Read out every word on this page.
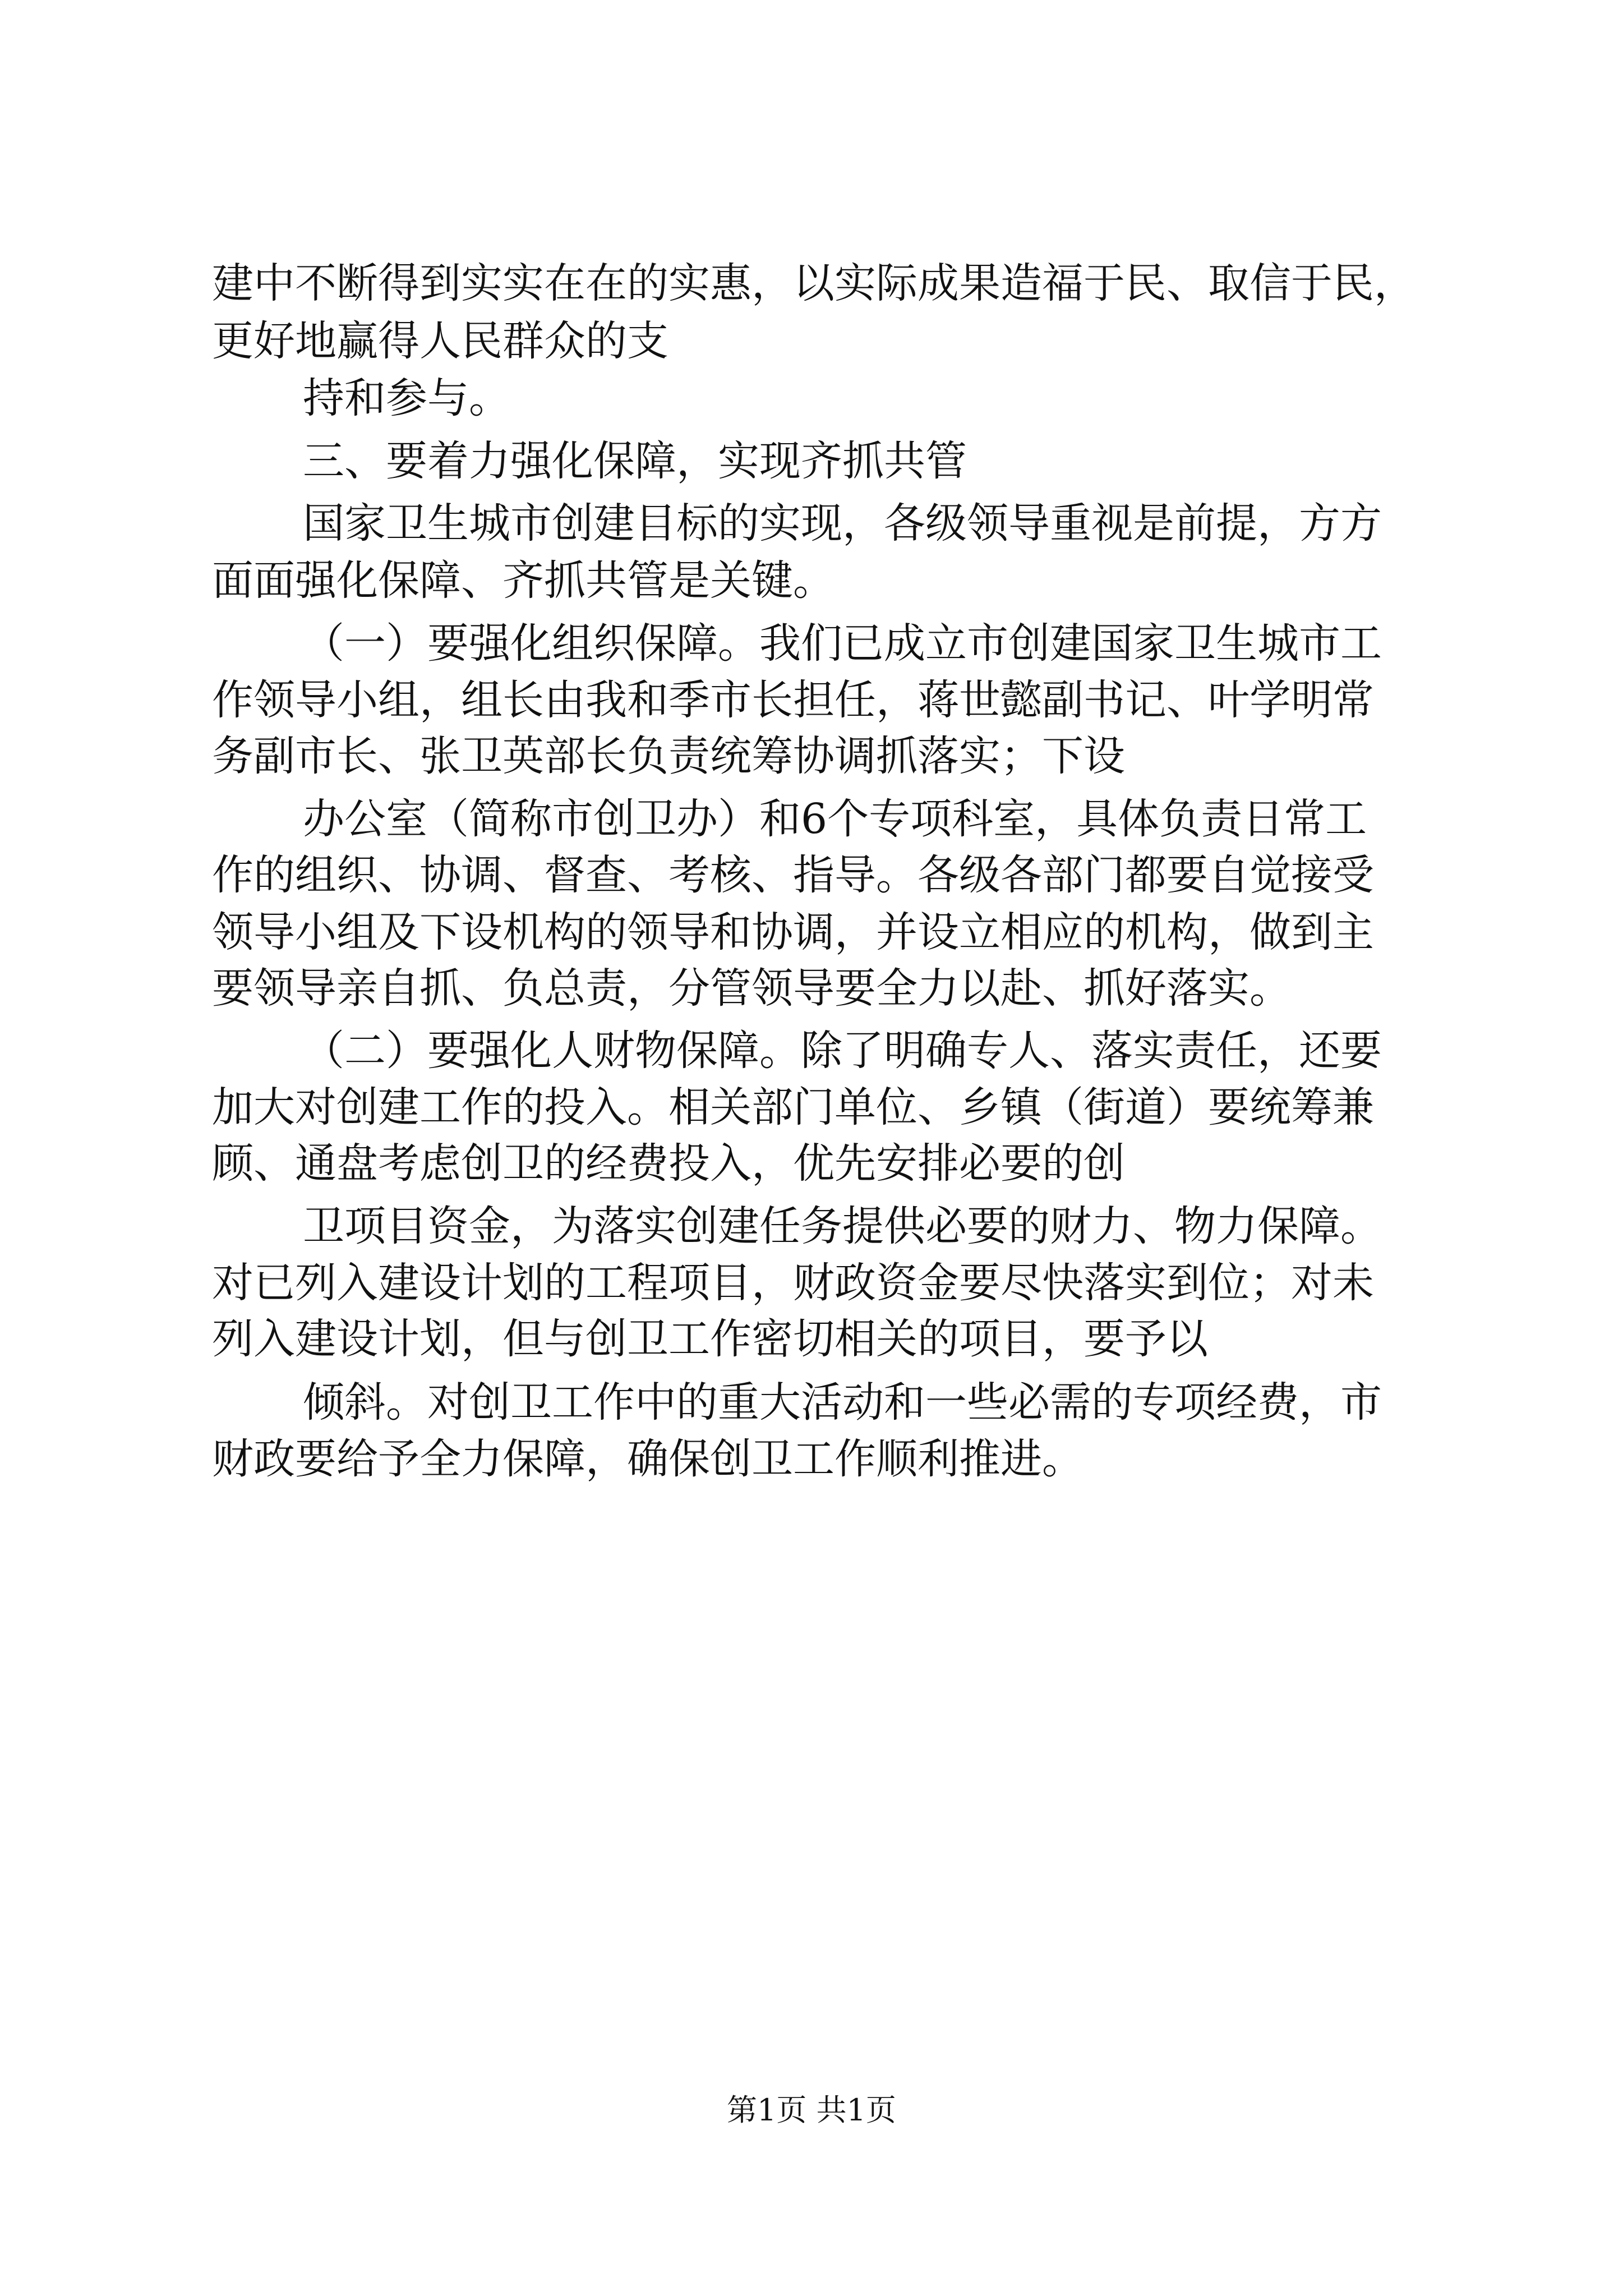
建中不断得到实实在在的实惠，以实际成果造福于民、取信于民，
更好地赢得人民群众的支
持和参与。
三、要着力强化保障，实现齐抓共管
国家卫生城市创建目标的实现，各级领导重视是前提，方方
面面强化保障、齐抓共管是关键。
（一）要强化组织保障。我们已成立市创建国家卫生城市工
作领导小组，组长由我和季市长担任，蒋世懿副书记、叶学明常
务副市长、张卫英部长负责统筹协调抓落实；下设
办公室（简称市创卫办）和6个专项科室，具体负责日常工
作的组织、协调、督查、考核、指导。各级各部门都要自觉接受
领导小组及下设机构的领导和协调，并设立相应的机构，做到主
要领导亲自抓、负总责，分管领导要全力以赴、抓好落实。
（二）要强化人财物保障。除了明确专人、落实责任，还要
加大对创建工作的投入。相关部门单位、乡镇（街道）要统筹兼
顾、通盘考虑创卫的经费投入，优先安排必要的创
卫项目资金，为落实创建任务提供必要的财力、物力保障。
对已列入建设计划的工程项目，财政资金要尽快落实到位；对未
列入建设计划，但与创卫工作密切相关的项目，要予以
倾斜。对创卫工作中的重大活动和一些必需的专项经费，市
财政要给予全力保障，确保创卫工作顺利推进。
第1页 共1页
